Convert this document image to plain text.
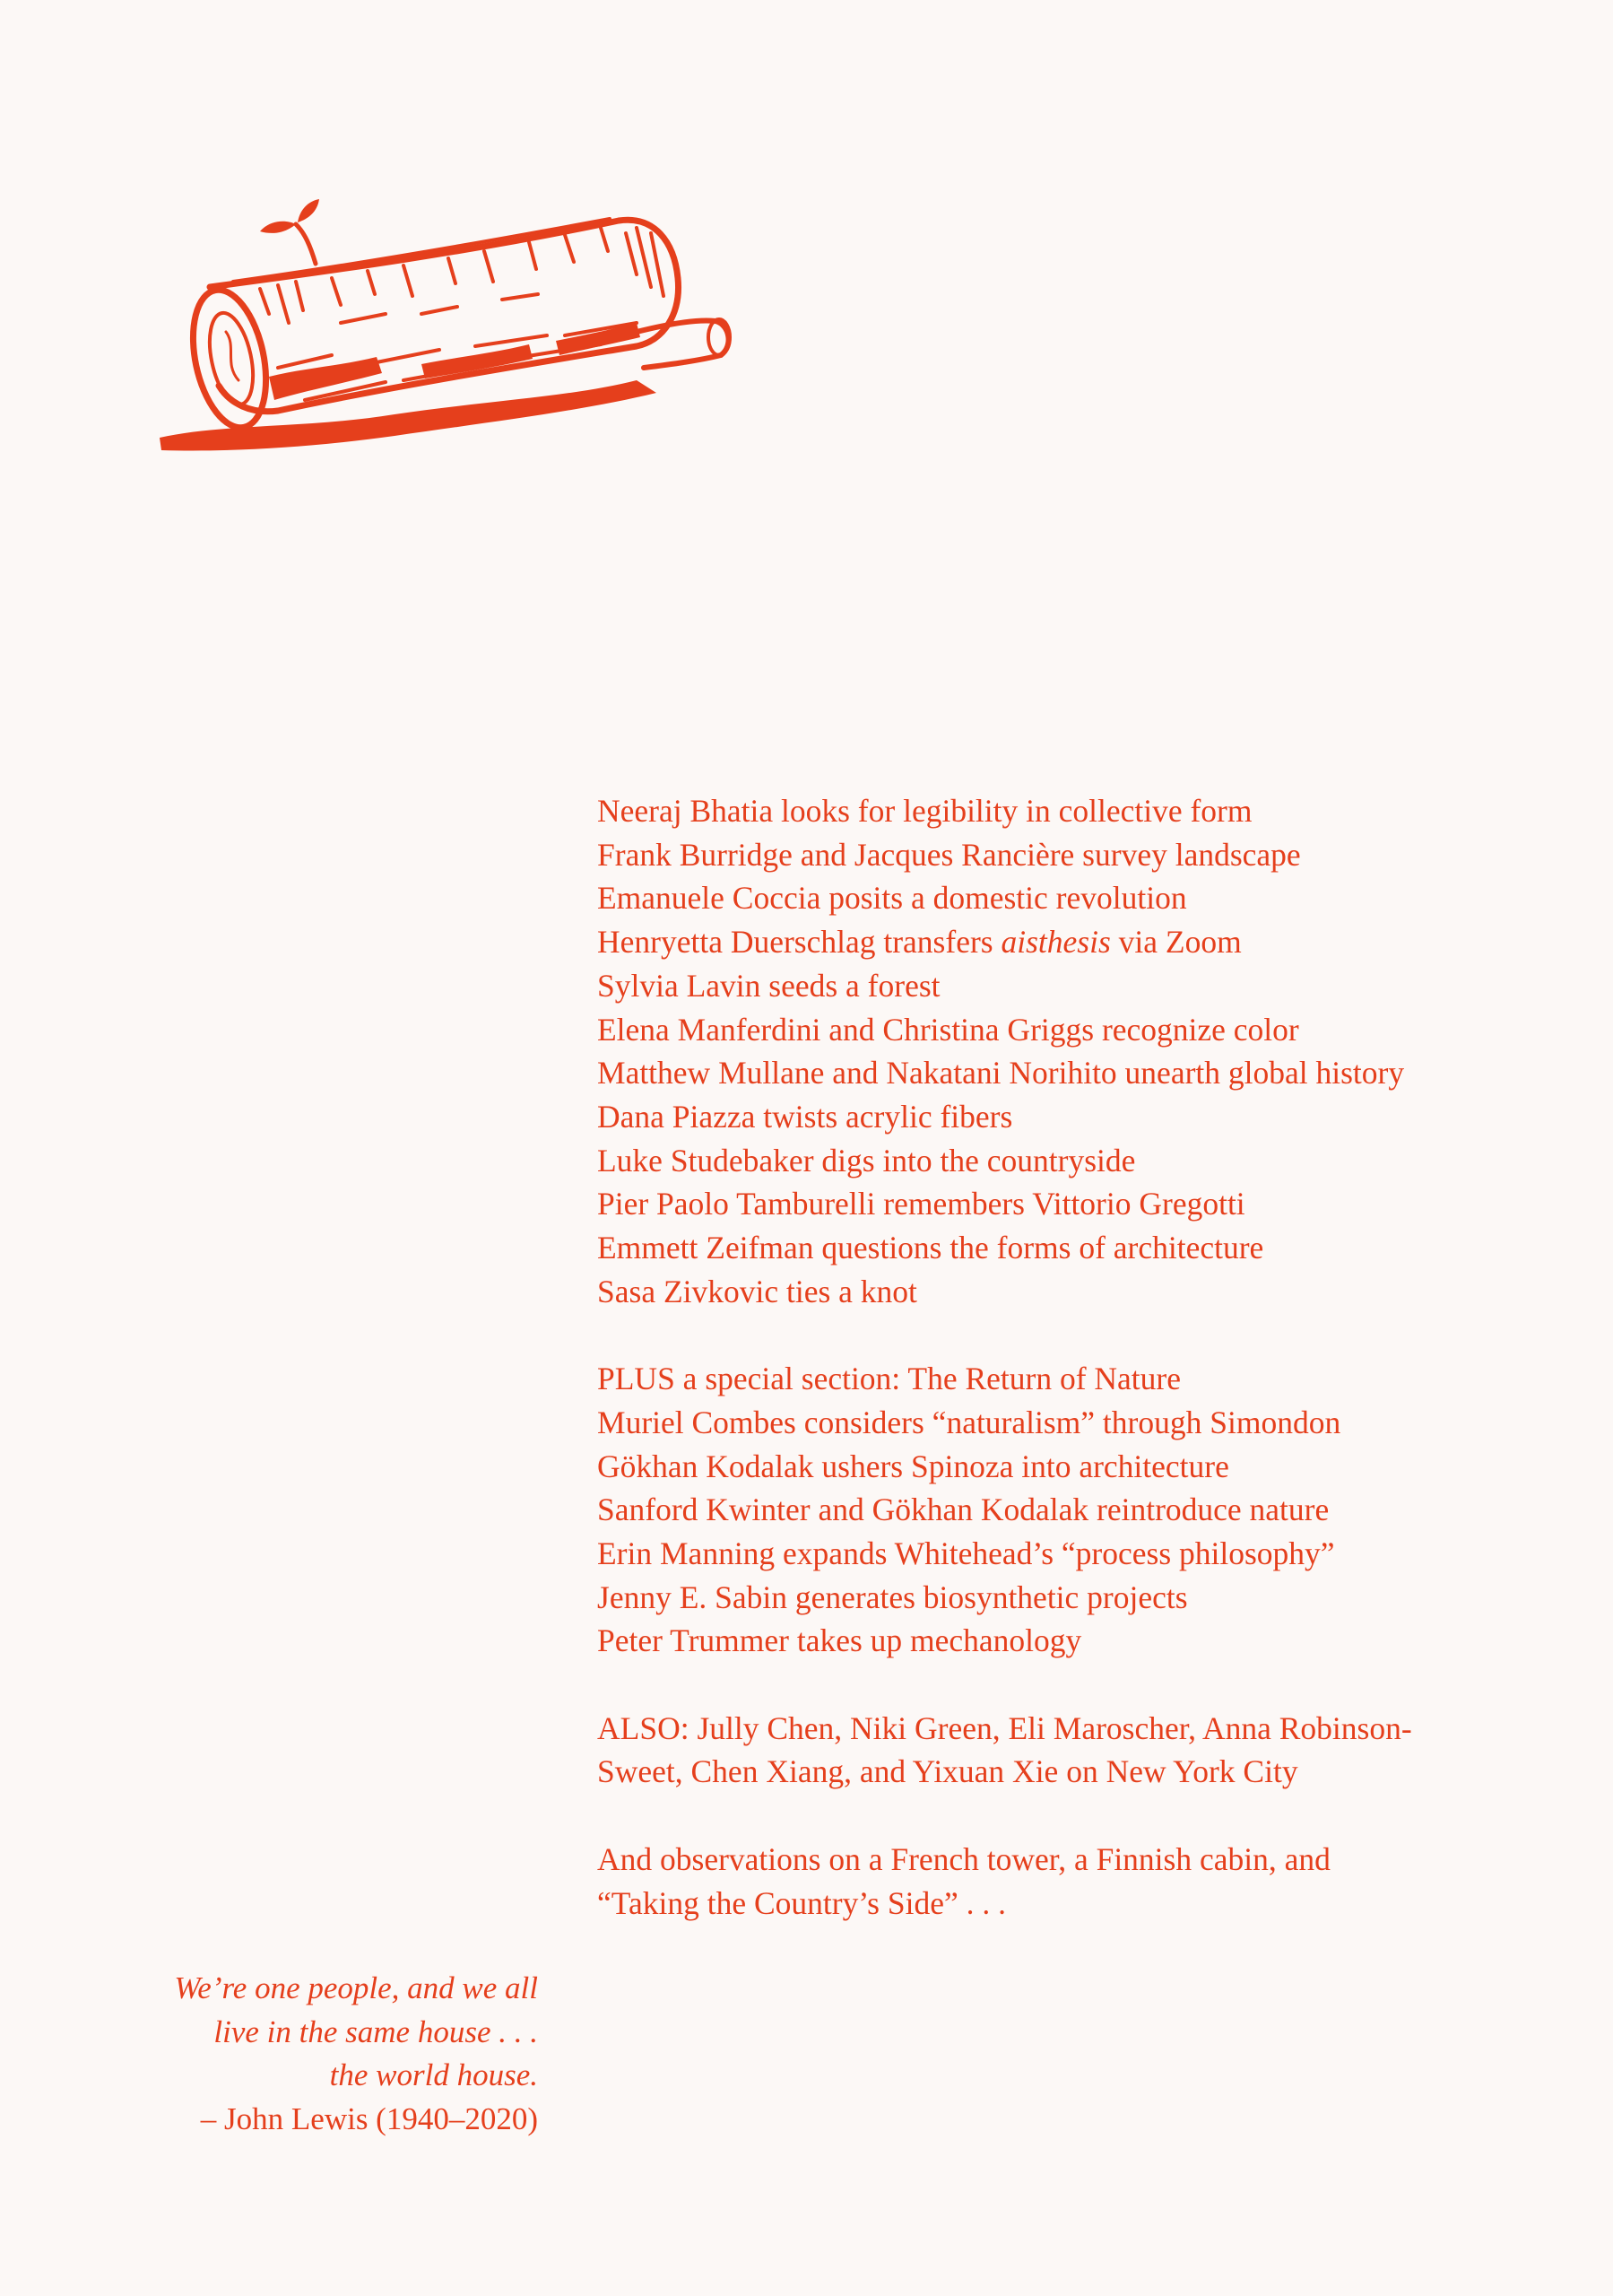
Neeraj Bhatia looks for legibility in collective form
Frank Burridge and Jacques Rancière survey landscape
Emanuele Coccia posits a domestic revolution
Henryetta Duerschlag transfers aisthesis via Zoom
Sylvia Lavin seeds a forest
Elena Manferdini and Christina Griggs recognize color
Matthew Mullane and Nakatani Norihito unearth global history
Dana Piazza twists acrylic fibers
Luke Studebaker digs into the countryside
Pier Paolo Tamburelli remembers Vittorio Gregotti
Emmett Zeifman questions the forms of architecture
Sasa Zivkovic ties a knot
PLUS a special section: The Return of Nature
Muriel Combes considers “naturalism” through Simondon
Gökhan Kodalak ushers Spinoza into architecture
Sanford Kwinter and Gökhan Kodalak reintroduce nature
Erin Manning expands Whitehead’s “process philosophy”
Jenny E. Sabin generates biosynthetic projects
Peter Trummer takes up mechanology
ALSO: Jully Chen, Niki Green, Eli Maroscher, Anna Robinson-
Sweet, Chen Xiang, and Yixuan Xie on New York City
And observations on a French tower, a Finnish cabin, and
“Taking the Country’s Side” . . .
We’re one people, and we all
live in the same house . . .
the world house.
– John Lewis (1940–2020)
